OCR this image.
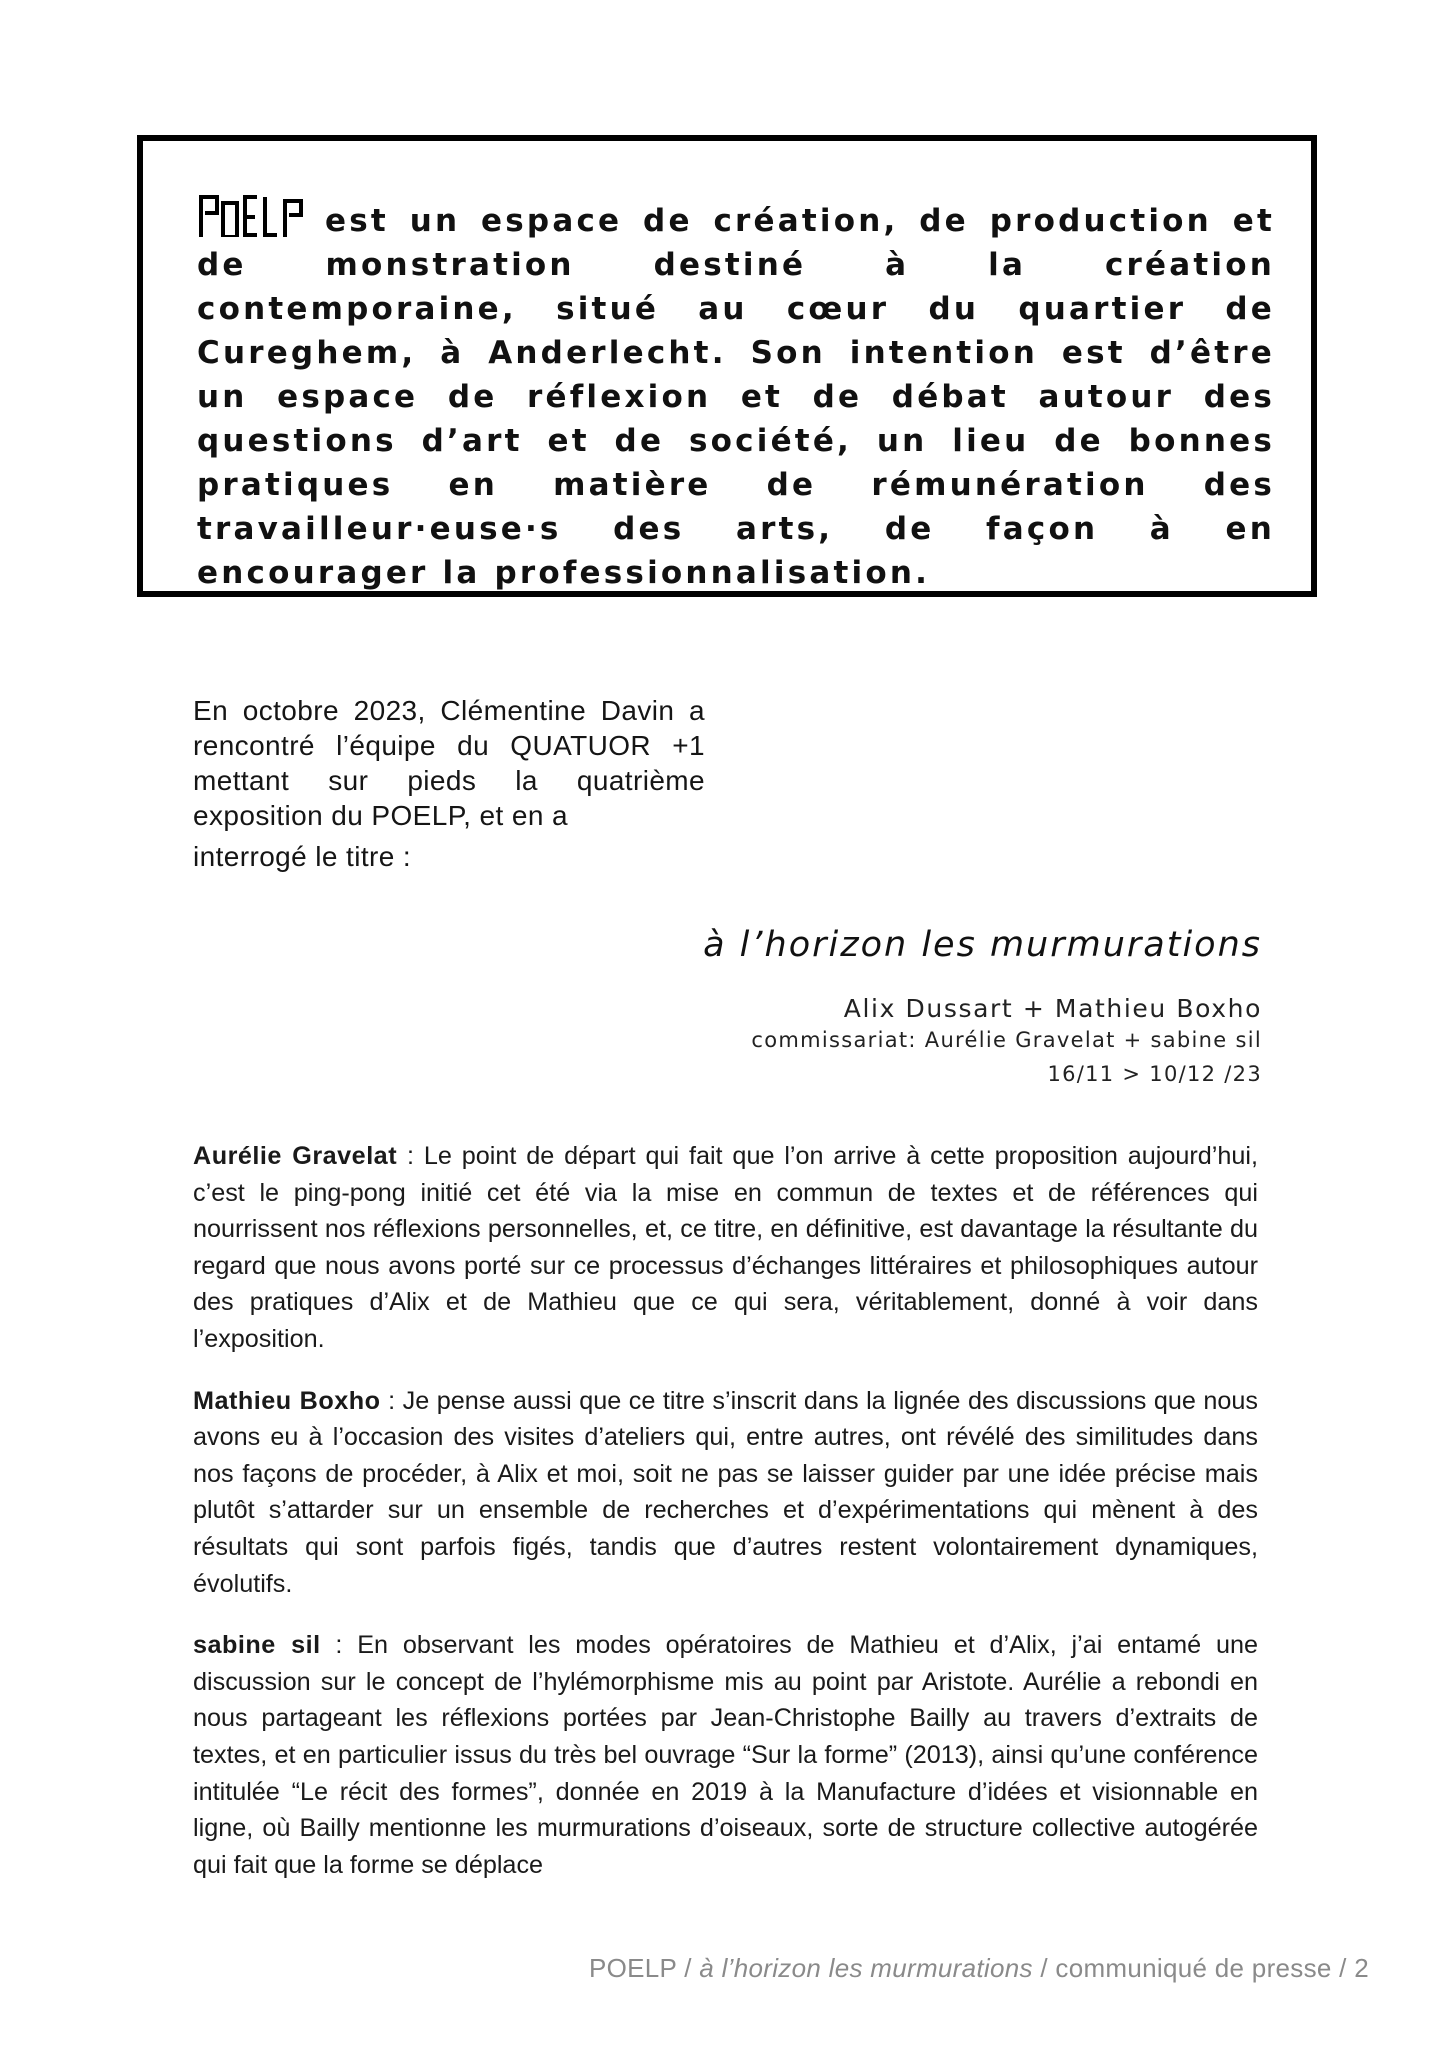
est un espace de création, de production et de monstration destiné à la création contemporaine, situé au cœur du quartier de Cureghem, à Anderlecht. Son intention est d’être un espace de réflexion et de débat autour des questions d’art et de société, un lieu de bonnes pratiques en matière de rémunération des travailleur·euse·s des arts, de façon à en encourager la professionnalisation.

En octobre 2023, Clémentine Davin a rencontré l’équipe du QUATUOR +1 mettant sur pieds la quatrième exposition du POELP, et en a
interrogé le titre :

à l’horizon les murmurations

Alix Dussart + Mathieu Boxho

commissariat: Aurélie Gravelat + sabine sil

16/11 > 10/12 /23

Aurélie Gravelat : Le point de départ qui fait que l’on arrive à cette proposition aujourd’hui, c’est le ping-pong initié cet été via la mise en commun de textes et de références qui nourrissent nos réflexions personnelles, et, ce titre, en définitive, est davantage la résultante du regard que nous avons porté sur ce processus d’échanges littéraires et philosophiques autour des pratiques d’Alix et de Mathieu que ce qui sera, véritablement, donné à voir dans l’exposition.

Mathieu Boxho : Je pense aussi que ce titre s’inscrit dans la lignée des discussions que nous avons eu à l’occasion des visites d’ateliers qui, entre autres, ont révélé des similitudes dans nos façons de procéder, à Alix et moi, soit ne pas se laisser guider par une idée précise mais plutôt s’attarder sur un ensemble de recherches et d’expérimentations qui mènent à des résultats qui sont parfois figés, tandis que d’autres restent volontairement dynamiques, évolutifs.

sabine sil : En observant les modes opératoires de Mathieu et d’Alix, j’ai entamé une discussion sur le concept de l’hylémorphisme mis au point par Aristote. Aurélie a rebondi en nous partageant les réflexions portées par Jean-Christophe Bailly au travers d’extraits de textes, et en particulier issus du très bel ouvrage “Sur la forme” (2013), ainsi qu’une conférence intitulée “Le récit des formes”, donnée en 2019 à la Manufacture d’idées et visionnable en ligne, où Bailly mentionne les murmurations d’oiseaux, sorte de structure collective autogérée qui fait que la forme se déplace

POELP / à l’horizon les murmurations / communiqué de presse / 2
